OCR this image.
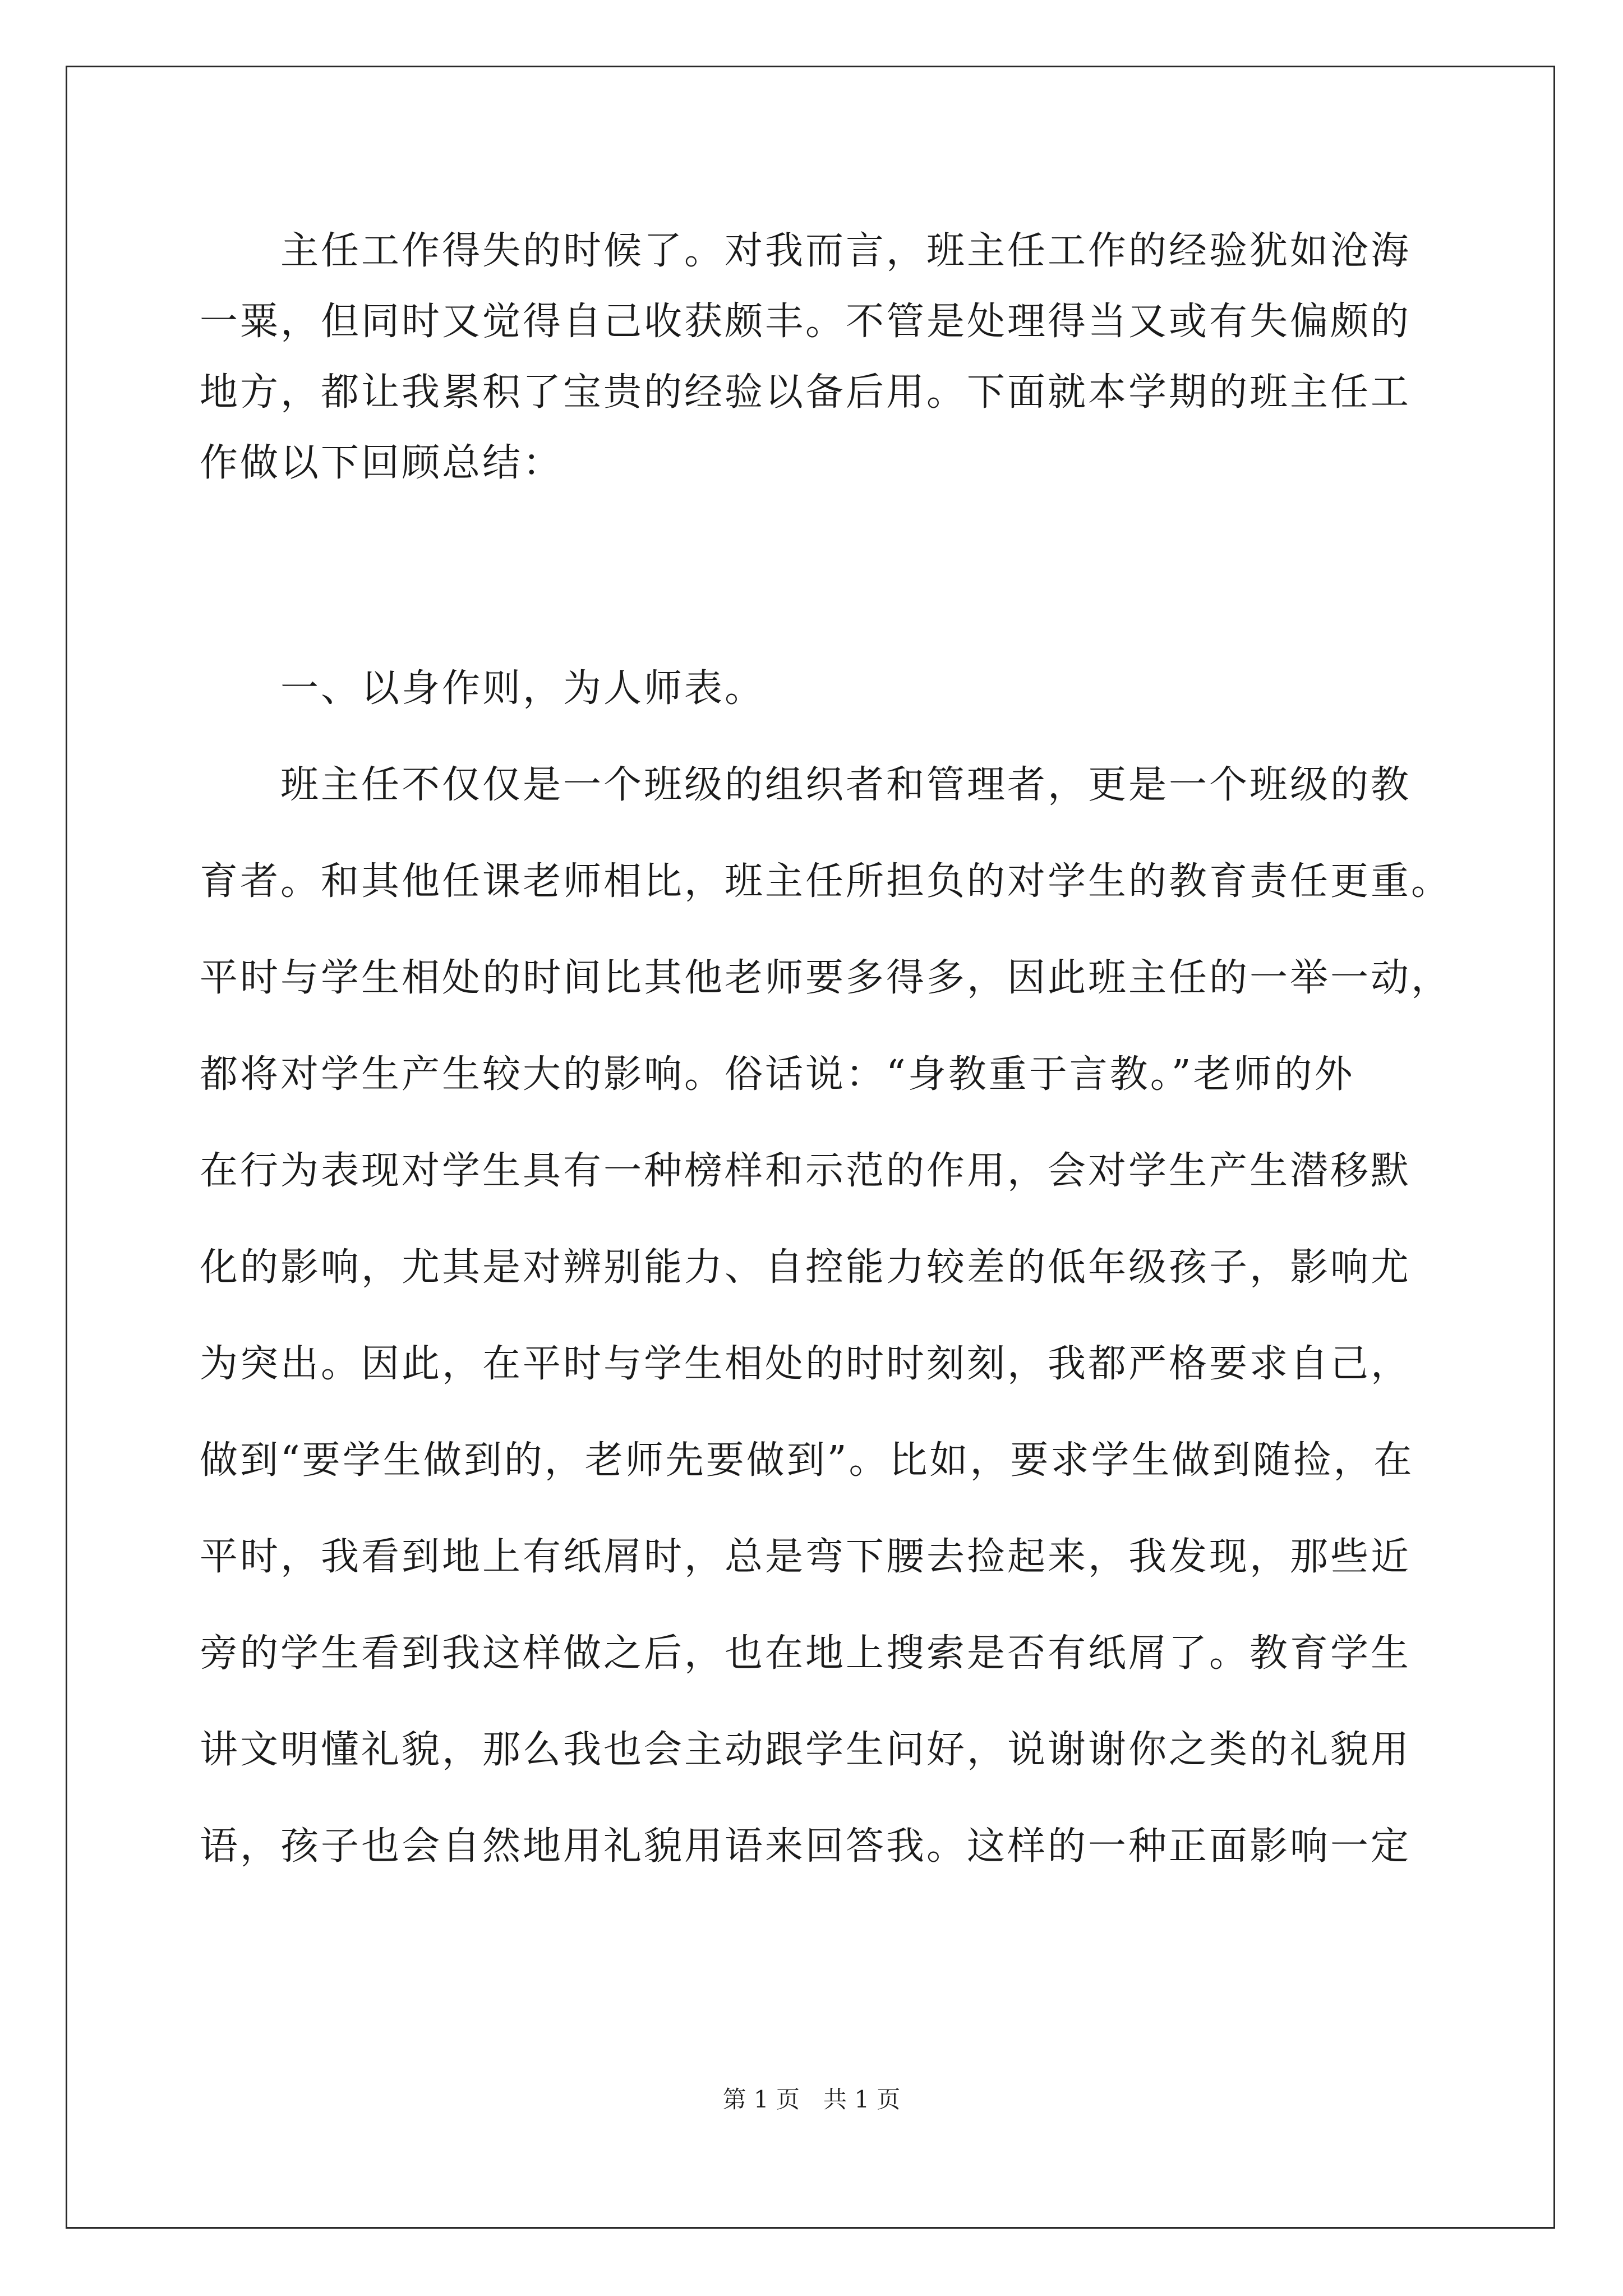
　　主任工作得失的时候了。对我而言，班主任工作的经验犹如沧海
一粟，但同时又觉得自己收获颇丰。不管是处理得当又或有失偏颇的
地方，都让我累积了宝贵的经验以备后用。下面就本学期的班主任工
作做以下回顾总结：
　　一、以身作则，为人师表。
　　班主任不仅仅是一个班级的组织者和管理者，更是一个班级的教
育者。和其他任课老师相比，班主任所担负的对学生的教育责任更重。
平时与学生相处的时间比其他老师要多得多，因此班主任的一举一动，
都将对学生产生较大的影响。俗话说：“身教重于言教。”老师的外
在行为表现对学生具有一种榜样和示范的作用，会对学生产生潜移默
化的影响，尤其是对辨别能力、自控能力较差的低年级孩子，影响尤
为突出。因此，在平时与学生相处的时时刻刻，我都严格要求自己，
做到“要学生做到的，老师先要做到”。比如，要求学生做到随捡，在
平时，我看到地上有纸屑时，总是弯下腰去捡起来，我发现，那些近
旁的学生看到我这样做之后，也在地上搜索是否有纸屑了。教育学生
讲文明懂礼貌，那么我也会主动跟学生问好，说谢谢你之类的礼貌用
语，孩子也会自然地用礼貌用语来回答我。这样的一种正面影响一定
第 1 页　共 1 页
